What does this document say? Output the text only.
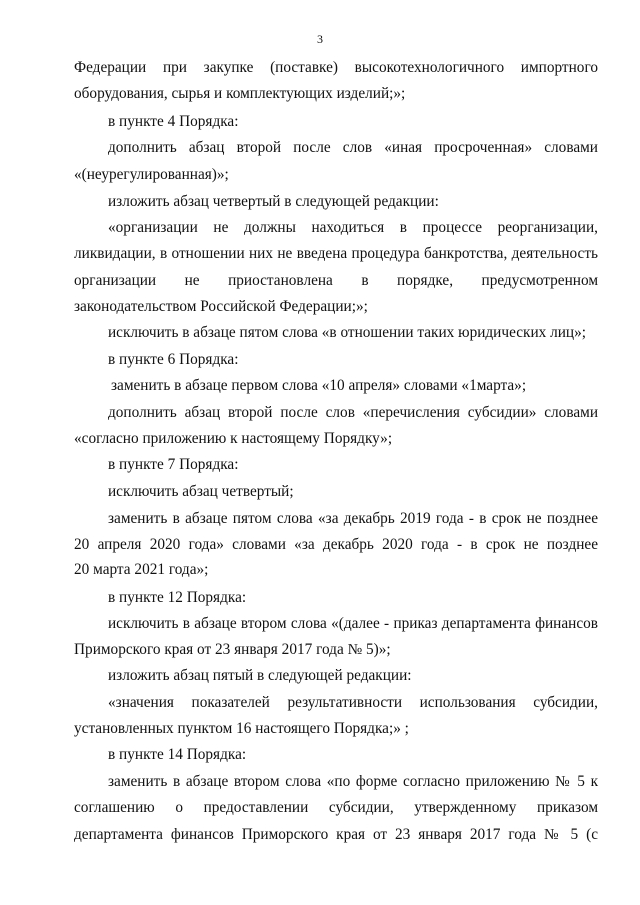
3
Федерации при закупке (поставке) высокотехнологичного импортного
оборудования, сырья и комплектующих изделий;»;
в пункте 4 Порядка:
дополнить абзац второй после слов «иная просроченная» словами
«(неурегулированная)»;
изложить абзац четвертый в следующей редакции:
«организации не должны находиться в процессе реорганизации,
ликвидации, в отношении них не введена процедура банкротства, деятельность
организации не приостановлена в порядке, предусмотренном
законодательством Российской Федерации;»;
исключить в абзаце пятом слова «в отношении таких юридических лиц»;
в пункте 6 Порядка:
заменить в абзаце первом слова «10 апреля» словами «1марта»;
дополнить абзац второй после слов «перечисления субсидии» словами
«согласно приложению к настоящему Порядку»;
в пункте 7 Порядка:
исключить абзац четвертый;
заменить в абзаце пятом слова «за декабрь 2019 года - в срок не позднее
20 апреля 2020 года» словами «за декабрь 2020 года - в срок не позднее
20 марта 2021 года»;
в пункте 12 Порядка:
исключить в абзаце втором слова «(далее - приказ департамента финансов
Приморского края от 23 января 2017 года № 5)»;
изложить абзац пятый в следующей редакции:
«значения показателей результативности использования субсидии,
установленных пунктом 16 настоящего Порядка;» ;
в пункте 14 Порядка:
заменить в абзаце втором слова «по форме согласно приложению № 5 к
соглашению о предоставлении субсидии, утвержденному приказом
департамента финансов Приморского края от 23 января 2017 года № 5 (с
